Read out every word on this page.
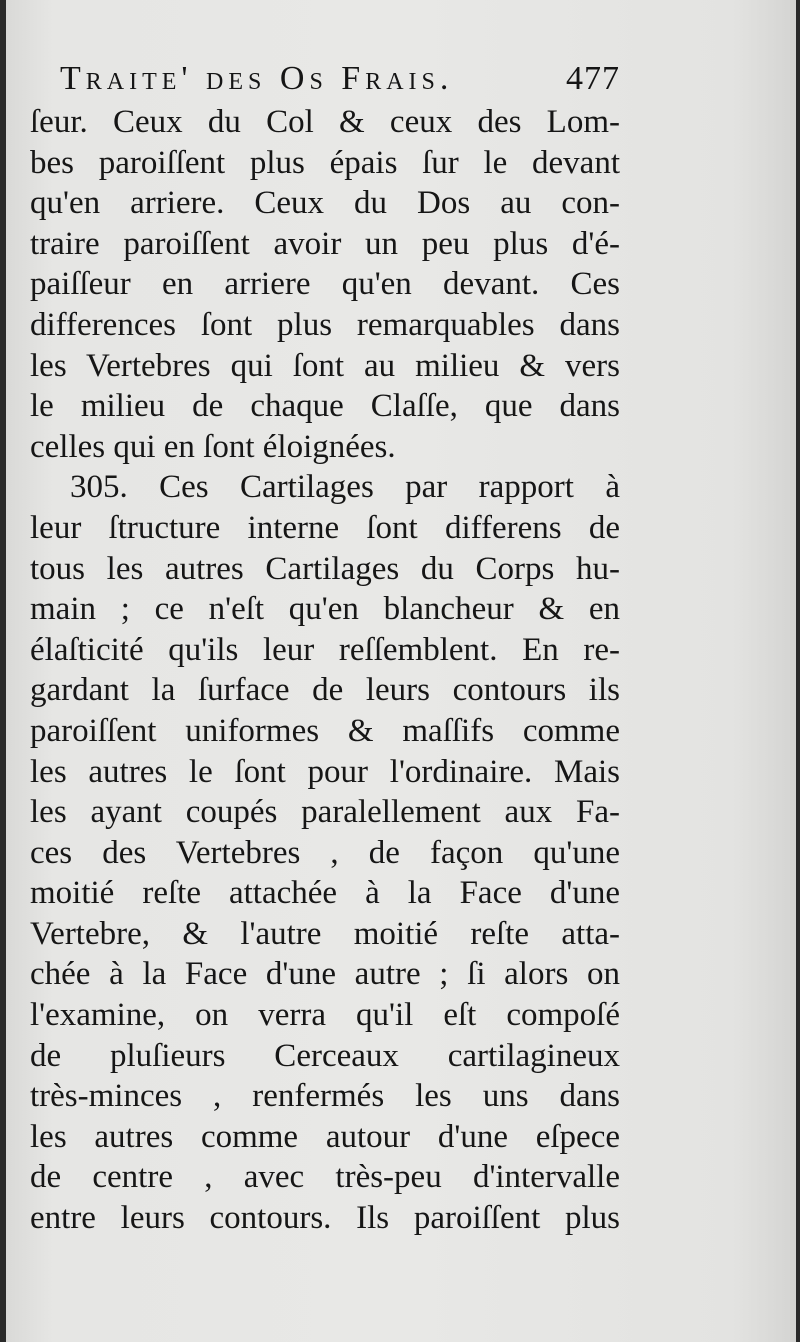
Traite' des Os Frais.	477
ſeur. Ceux du Col & ceux des Lom-
bes paroiſſent plus épais ſur le devant
qu'en arriere. Ceux du Dos au con-
traire paroiſſent avoir un peu plus d'é-
paiſſeur en arriere qu'en devant. Ces
differences ſont plus remarquables dans
les Vertebres qui ſont au milieu & vers
le milieu de chaque Claſſe, que dans
celles qui en ſont éloignées.
305. Ces Cartilages par rapport à
leur ſtructure interne ſont differens de
tous les autres Cartilages du Corps hu-
main ; ce n'eſt qu'en blancheur & en
élaſticité qu'ils leur reſſemblent. En re-
gardant la ſurface de leurs contours ils
paroiſſent uniformes & maſſifs comme
les autres le ſont pour l'ordinaire. Mais
les ayant coupés paralellement aux Fa-
ces des Vertebres , de façon qu'une
moitié reſte attachée à la Face d'une
Vertebre, & l'autre moitié reſte atta-
chée à la Face d'une autre ; ſi alors on
l'examine, on verra qu'il eſt compoſé
de pluſieurs Cerceaux cartilagineux
très-minces , renfermés les uns dans
les autres comme autour d'une eſpece
de centre , avec très-peu d'intervalle
entre leurs contours. Ils paroiſſent plus
